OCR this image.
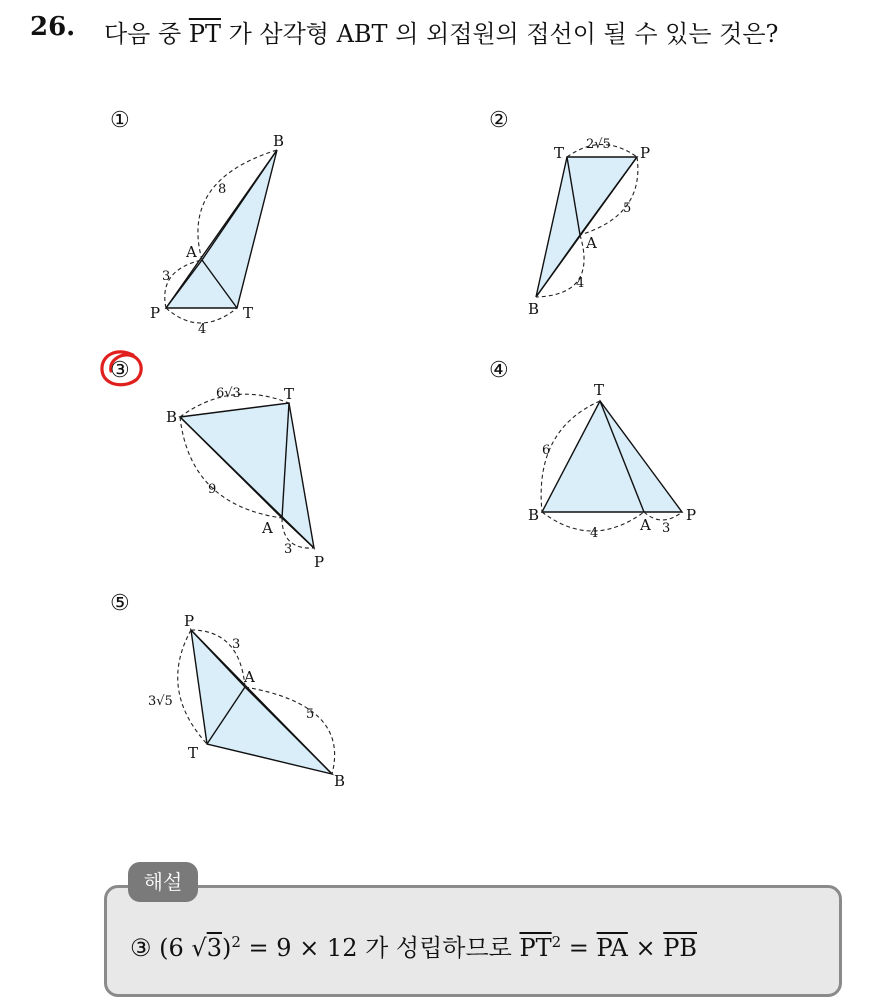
26. 다음 중 $\overline{PT}$ 가 삼각형 ABT 의 외접원의 접선이 될 수 있는 것은?
①
B
A
P	T
8
3
4
②
T	P
A
B
2√5
5
4
③
B
T
A
P
6√3
9
3
④
T
B
A
P
6
4	3
⑤
P
A
T
B
3
3√5
5
해설
③ (6 √3)$^2$ = 9 × 12 가 성립하므로 $\overline{PT}^2 = \overline{PA} \times \overline{PB}$
